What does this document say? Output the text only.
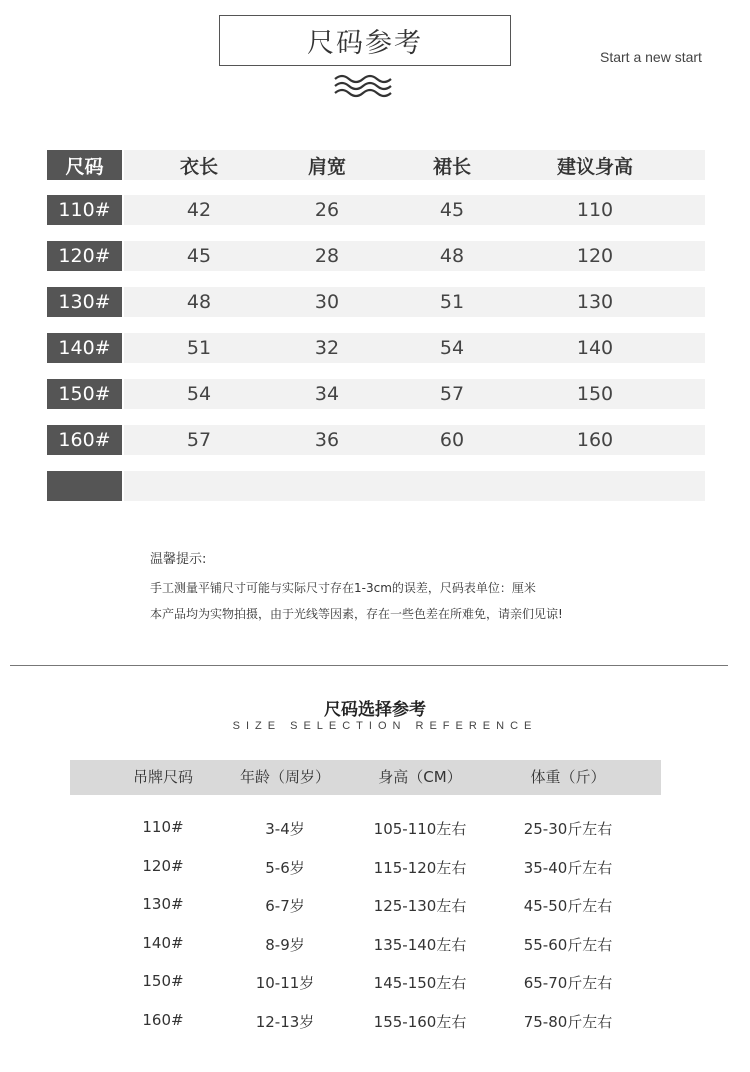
尺码参考	Start a new start
尺码	衣长	肩宽	裙长	建议身高
110#	42	26	45	110
120#	45	28	48	120
130#	48	30	51	130
140#	51	32	54	140
150#	54	34	57	150
160#	57	36	60	160
温馨提示:
手工测量平铺尺寸可能与实际尺寸存在1-3cm的误差，尺码表单位：厘米
本产品均为实物拍摄，由于光线等因素，存在一些色差在所难免，请亲们见谅!
尺码选择参考
SIZE SELECTION REFERENCE
吊牌尺码	年龄（周岁）	身高（CM）	体重（斤）
110#	3-4岁	105-110左右	25-30斤左右
120#	5-6岁	115-120左右	35-40斤左右
130#	6-7岁	125-130左右	45-50斤左右
140#	8-9岁	135-140左右	55-60斤左右
150#	10-11岁	145-150左右	65-70斤左右
160#	12-13岁	155-160左右	75-80斤左右
